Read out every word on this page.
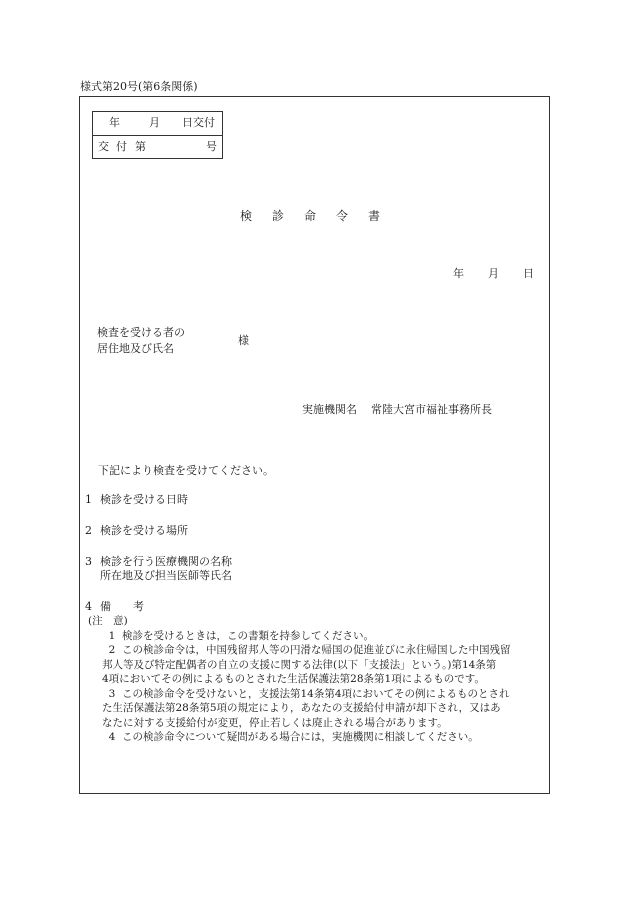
様式第20号(第6条関係)
年	月 日交付
交 付 第	号
検診命令書
年 月 日
検査を受ける者の
居住地及び氏名
様
実施機関名 常陸大宮市福祉事務所長
下記により検査を受けてください。
1 検診を受ける日時
2 検診を受ける場所
3 検診を行う医療機関の名称
所在地及び担当医師等氏名
4 備　　考
(注　意)
1 検診を受けるときは，この書類を持参してください。
2 この検診命令は，中国残留邦人等の円滑な帰国の促進並びに永住帰国した中国残留
邦人等及び特定配偶者の自立の支援に関する法律(以下「支援法」という。)第14条第
4項においてその例によるものとされた生活保護法第28条第1項によるものです。
3 この検診命令を受けないと，支援法第14条第4項においてその例によるものとされ
た生活保護法第28条第5項の規定により，あなたの支援給付申請が却下され，又はあ
なたに対する支援給付が変更，停止若しくは廃止される場合があります。
4 この検診命令について疑問がある場合には，実施機関に相談してください。
